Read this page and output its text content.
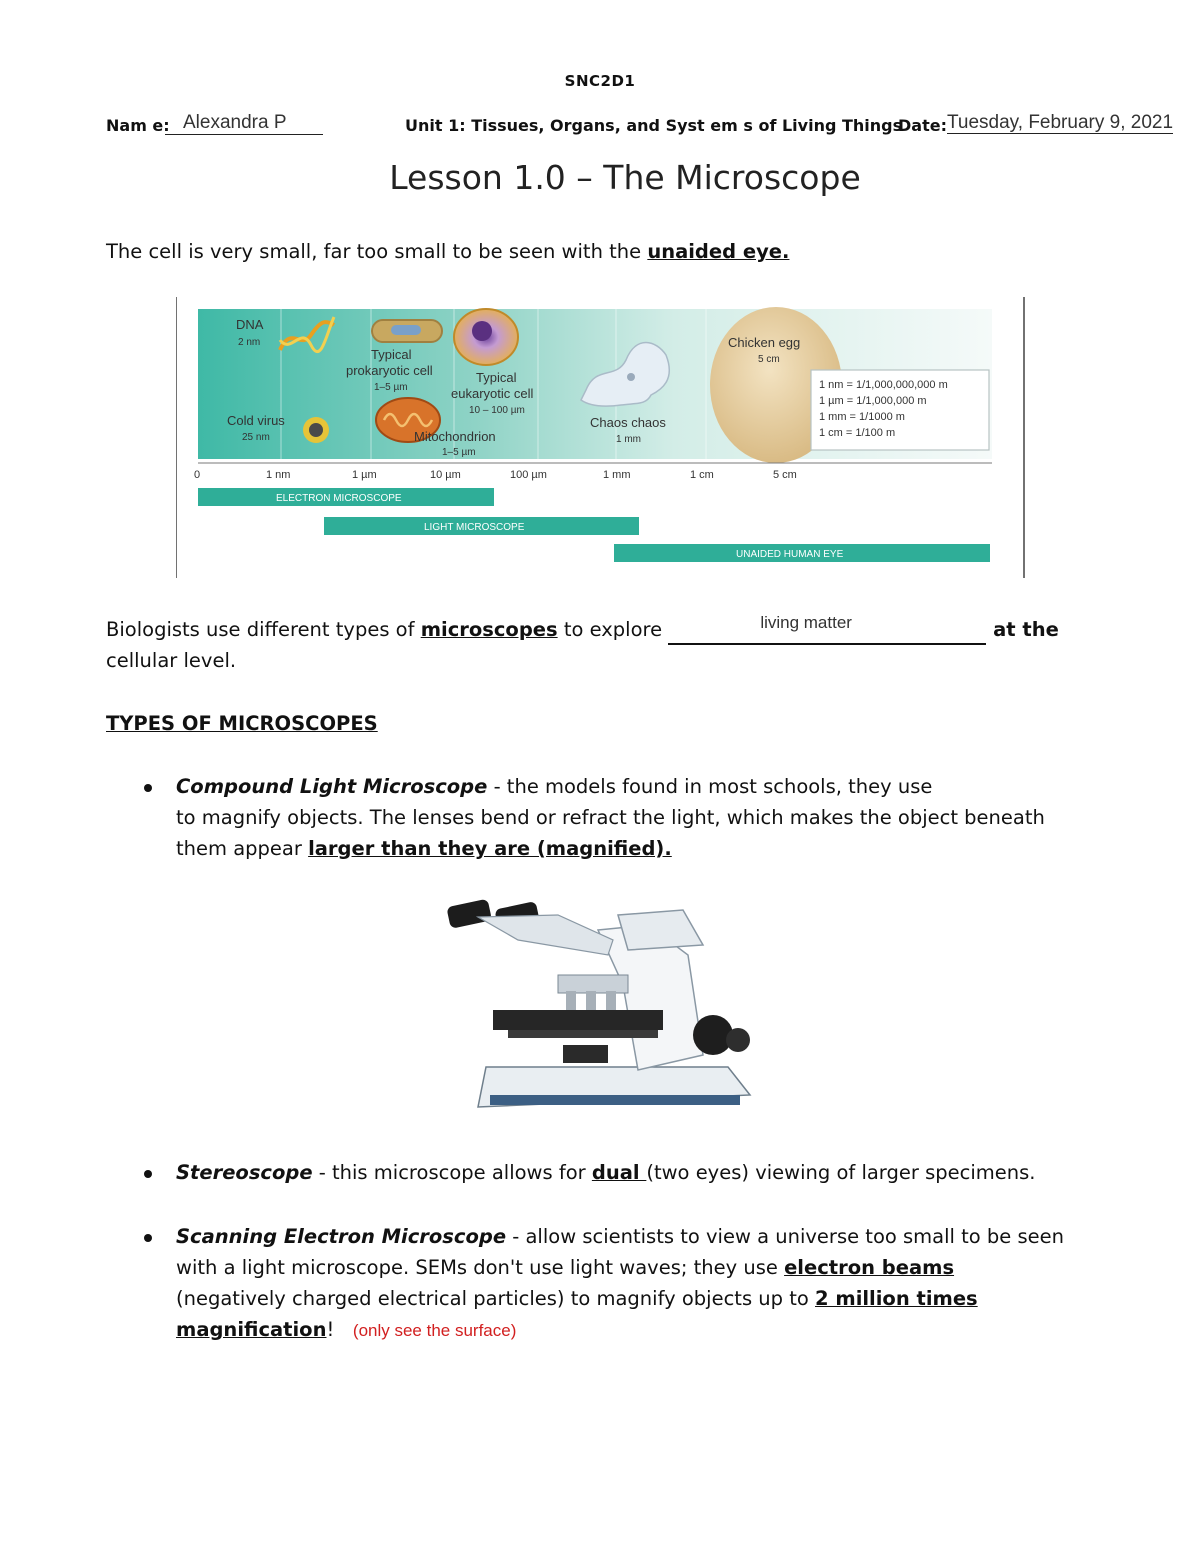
SNC2D1
Nam e: Alexandra P	Unit 1: Tissues, Organs, and Syst em s of Living Things
Date: Tuesday, February 9, 2021
Lesson 1.0 – The Microscope
The cell is very small, far too small to be seen with the unaided eye.
DNA
2 nm
Typical
prokaryotic cell
1–5 µm
Typical
eukaryotic cell
10 – 100 µm
Cold virus
25 nm	Mitochondrion
1–5 µm
Chaos chaos
1 mm
Chicken egg
5 cm
1 nm = 1/1,000,000,000 m
1 µm = 1/1,000,000 m
1 mm = 1/1000 m
1 cm = 1/100 m
0	1 nm	1 µm	10 µm	100 µm	1 mm	1 cm	5 cm
ELECTRON MICROSCOPE
LIGHT MICROSCOPE
UNAIDED HUMAN EYE
Biologists use different types of microscopes to explore	living matter	at the
cellular level.
TYPES OF MICROSCOPES
Compound Light Microscope - the models found in most schools, they use
to magnify objects. The lenses bend or refract the light, which makes the object beneath
them appear larger than they are (magnified).
Stereoscope - this microscope allows for dual (two eyes) viewing of larger specimens.
Scanning Electron Microscope - allow scientists to view a universe too small to be seen
with a light microscope. SEMs don't use light waves; they use electron beams
(negatively charged electrical particles) to magnify objects up to 2 million times
magnification! (only see the surface)
